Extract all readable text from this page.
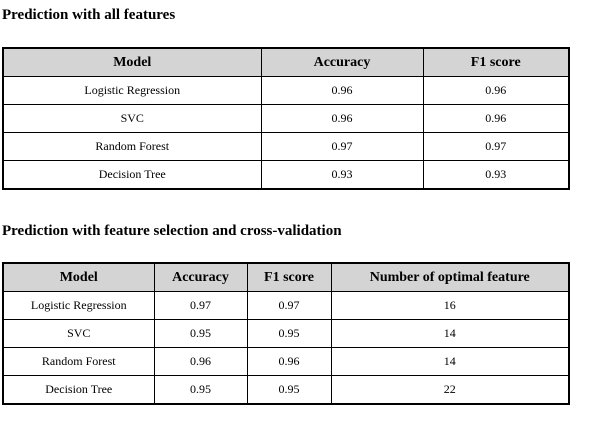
Prediction with all features
Model	Accuracy	F1 score
Logistic Regression	0.96	0.96
SVC	0.96	0.96
Random Forest	0.97	0.97
Decision Tree	0.93	0.93
Prediction with feature selection and cross-validation
Model	Accuracy	F1 score	Number of optimal feature
Logistic Regression	0.97	0.97	16
SVC	0.95	0.95	14
Random Forest	0.96	0.96	14
Decision Tree	0.95	0.95	22
